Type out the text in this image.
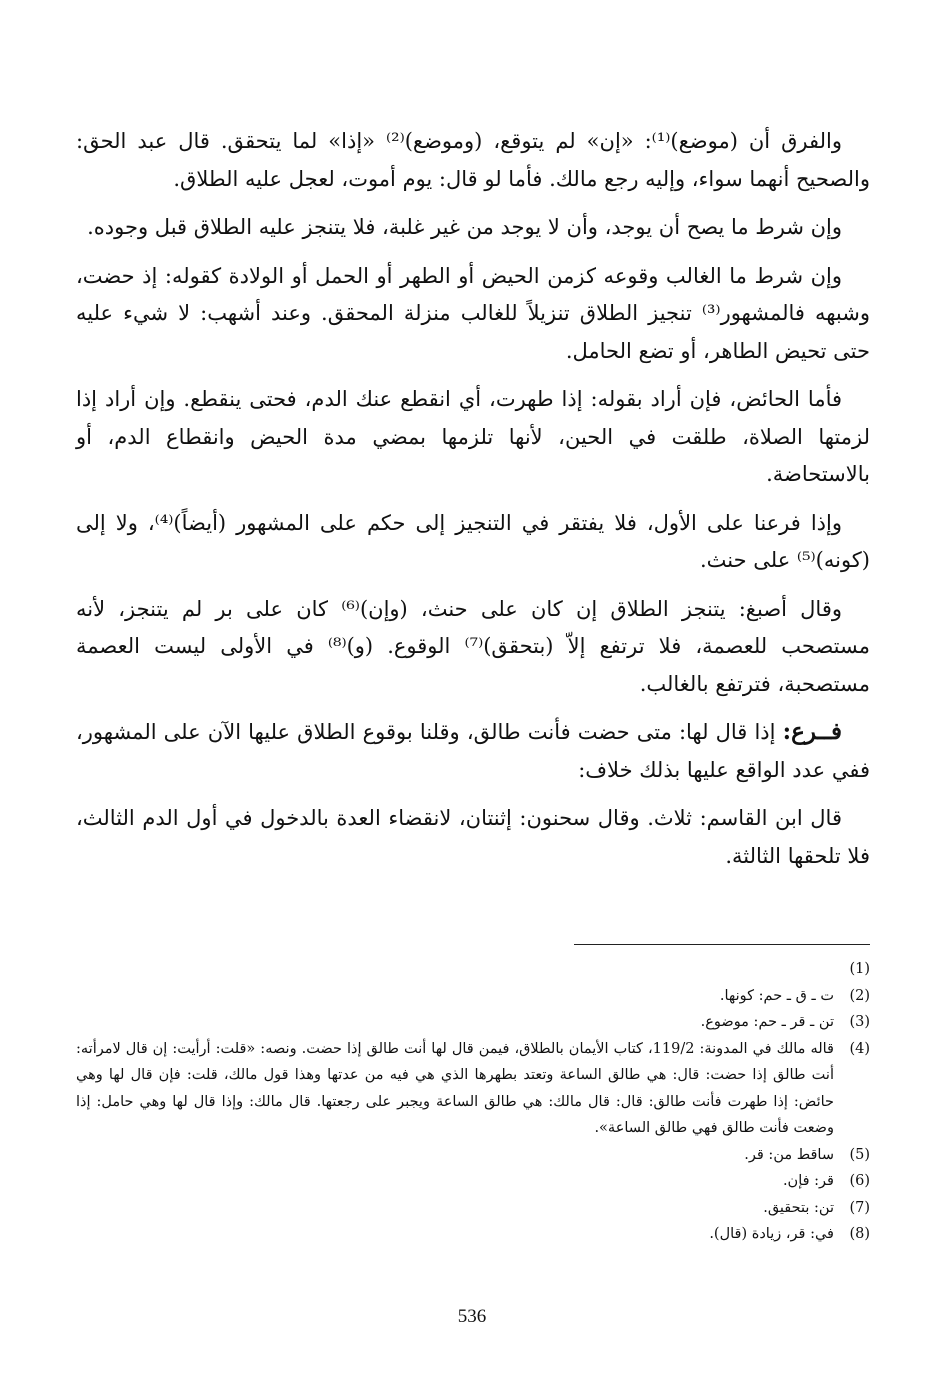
والفرق أن (موضع)⁽¹⁾: «إن» لم يتوقع، (وموضع)⁽²⁾ «إذا» لما يتحقق. قال عبد الحق: والصحيح أنهما سواء، وإليه رجع مالك. فأما لو قال: يوم أموت، لعجل عليه الطلاق.

وإن شرط ما يصح أن يوجد، وأن لا يوجد من غير غلبة، فلا يتنجز عليه الطلاق قبل وجوده.

وإن شرط ما الغالب وقوعه كزمن الحيض أو الطهر أو الحمل أو الولادة كقوله: إذ حضت، وشبهه فالمشهور⁽³⁾ تنجيز الطلاق تنزيلاً للغالب منزلة المحقق. وعند أشهب: لا شيء عليه حتى تحيض الطاهر، أو تضع الحامل.

فأما الحائض، فإن أراد بقوله: إذا طهرت، أي انقطع عنك الدم، فحتى ينقطع. وإن أراد إذا لزمتها الصلاة، طلقت في الحين، لأنها تلزمها بمضي مدة الحيض وانقطاع الدم، أو بالاستحاضة.

وإذا فرعنا على الأول، فلا يفتقر في التنجيز إلى حكم على المشهور (أيضاً)⁽⁴⁾، ولا إلى (كونه)⁽⁵⁾ على حنث.

وقال أصبغ: يتنجز الطلاق إن كان على حنث، (وإن)⁽⁶⁾ كان على بر لم يتنجز، لأنه مستصحب للعصمة، فلا ترتفع إلاّ (بتحقق)⁽⁷⁾ الوقوع. (و)⁽⁸⁾ في الأولى ليست العصمة مستصحبة، فترتفع بالغالب.

فــرع: إذا قال لها: متى حضت فأنت طالق، وقلنا بوقوع الطلاق عليها الآن على المشهور، ففي عدد الواقع عليها بذلك خلاف:

قال ابن القاسم: ثلاث. وقال سحنون: إثنتان، لانقضاء العدة بالدخول في أول الدم الثالث، فلا تلحقها الثالثة.

(1)
(2)
ت ـ ق ـ حم: كونها.
(3)
تن ـ قر ـ حم: موضوع.
(4)
قاله مالك في المدونة: 119/2، كتاب الأيمان بالطلاق، فيمن قال لها أنت طالق إذا حضت. ونصه: «قلت: أرأيت: إن قال لامرأته: أنت طالق إذا حضت: قال: هي طالق الساعة وتعتد بطهرها الذي هي فيه من عدتها وهذا قول مالك، قلت: فإن قال لها وهي حائض: إذا طهرت فأنت طالق: قال: قال مالك: هي طالق الساعة ويجبر على رجعتها. قال مالك: وإذا قال لها وهي حامل: إذا وضعت فأنت طالق فهي طالق الساعة».
(5)
ساقط من: قر.
(6)
قر: فإن.
(7)
تن: بتحقيق.
(8)
في: قر، زيادة (قال).
536
